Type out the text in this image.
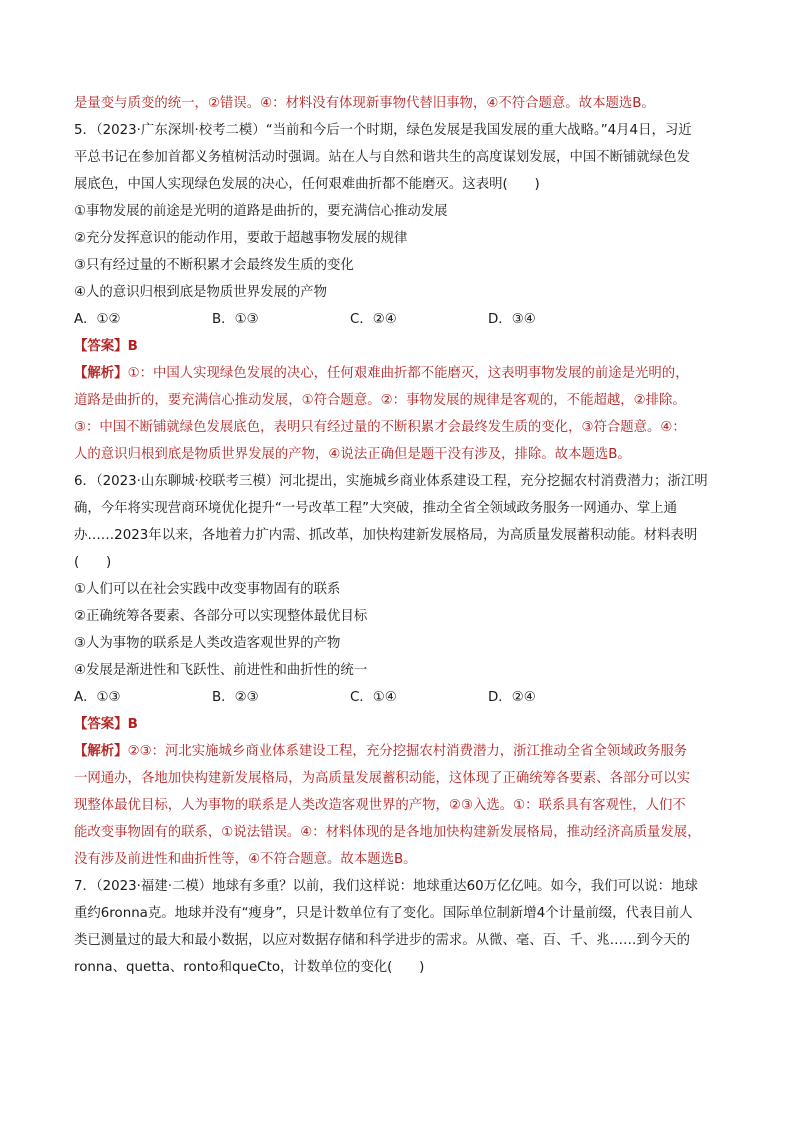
是量变与质变的统一，②错误。④：材料没有体现新事物代替旧事物，④不符合题意。故本题选B。
5．（2023·广东深圳·校考二模）“当前和今后一个时期，绿色发展是我国发展的重大战略。”4月4日，习近
平总书记在参加首都义务植树活动时强调。站在人与自然和谐共生的高度谋划发展，中国不断铺就绿色发
展底色，中国人实现绿色发展的决心，任何艰难曲折都不能磨灭。这表明(　　)
①事物发展的前途是光明的道路是曲折的，要充满信心推动发展
②充分发挥意识的能动作用，要敢于超越事物发展的规律
③只有经过量的不断积累才会最终发生质的变化
④人的意识归根到底是物质世界发展的产物
A．①②	B．①③	C．②④	D．③④
【答案】B
【解析】①：中国人实现绿色发展的决心，任何艰难曲折都不能磨灭，这表明事物发展的前途是光明的，
道路是曲折的，要充满信心推动发展，①符合题意。②：事物发展的规律是客观的，不能超越，②排除。
③：中国不断铺就绿色发展底色，表明只有经过量的不断积累才会最终发生质的变化，③符合题意。④：
人的意识归根到底是物质世界发展的产物，④说法正确但是题干没有涉及，排除。故本题选B。
6．（2023·山东聊城·校联考三模）河北提出，实施城乡商业体系建设工程，充分挖掘农村消费潜力；浙江明
确，今年将实现营商环境优化提升“一号改革工程”大突破，推动全省全领域政务服务一网通办、掌上通
办……2023年以来，各地着力扩内需、抓改革，加快构建新发展格局，为高质量发展蓄积动能。材料表明
(　　)
①人们可以在社会实践中改变事物固有的联系
②正确统筹各要素、各部分可以实现整体最优目标
③人为事物的联系是人类改造客观世界的产物
④发展是渐进性和飞跃性、前进性和曲折性的统一
A．①③	B．②③	C．①④	D．②④
【答案】B
【解析】②③：河北实施城乡商业体系建设工程，充分挖掘农村消费潜力，浙江推动全省全领域政务服务
一网通办，各地加快构建新发展格局，为高质量发展蓄积动能，这体现了正确统筹各要素、各部分可以实
现整体最优目标，人为事物的联系是人类改造客观世界的产物，②③入选。①：联系具有客观性，人们不
能改变事物固有的联系，①说法错误。④：材料体现的是各地加快构建新发展格局，推动经济高质量发展，
没有涉及前进性和曲折性等，④不符合题意。故本题选B。
7．（2023·福建·二模）地球有多重？以前，我们这样说：地球重达60万亿亿吨。如今，我们可以说：地球
重约6ronna克。地球并没有“瘦身”，只是计数单位有了变化。国际单位制新增4个计量前缀，代表目前人
类已测量过的最大和最小数据，以应对数据存储和科学进步的需求。从微、毫、百、千、兆……到今天的
ronna、quetta、ronto和queCto，计数单位的变化(　　)
